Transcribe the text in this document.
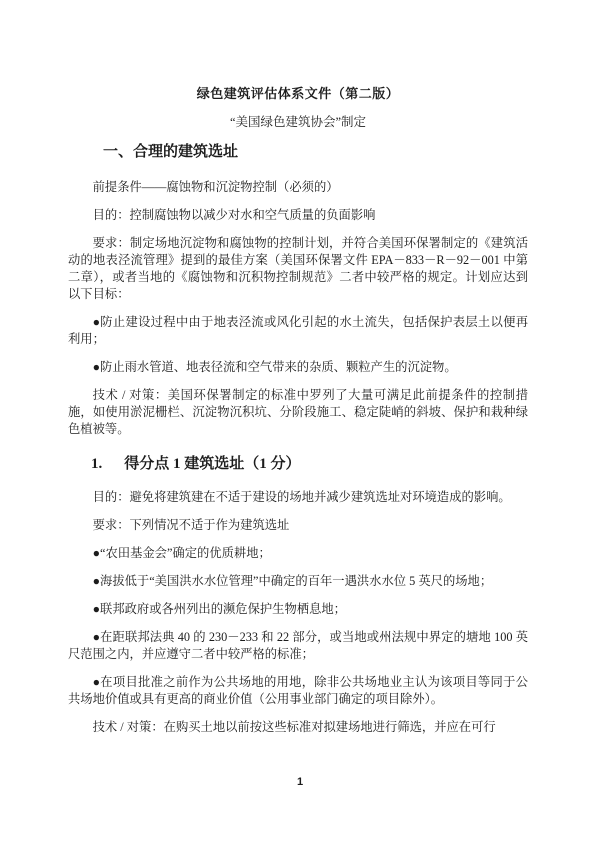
绿色建筑评估体系文件（第二版）
“美国绿色建筑协会”制定
一、合理的建筑选址

前提条件——腐蚀物和沉淀物控制（必须的）

目的：控制腐蚀物以减少对水和空气质量的负面影响

要求：制定场地沉淀物和腐蚀物的控制计划，并符合美国环保署制定的《建筑活动的地表泾流管理》提到的最佳方案（美国环保署文件 EPA－833－R－92－001 中第二章），或者当地的《腐蚀物和沉积物控制规范》二者中较严格的规定。计划应达到以下目标：

●防止建设过程中由于地表泾流或风化引起的水土流失，包括保护表层土以便再利用；

●防止雨水管道、地表径流和空气带来的杂质、颗粒产生的沉淀物。

技术 / 对策：美国环保署制定的标准中罗列了大量可满足此前提条件的控制措施，如使用淤泥栅栏、沉淀物沉积坑、分阶段施工、稳定陡峭的斜坡、保护和栽种绿色植被等。

1. 得分点 1 建筑选址（1 分）

目的：避免将建筑建在不适于建设的场地并减少建筑选址对环境造成的影响。

要求：下列情况不适于作为建筑选址

●“农田基金会”确定的优质耕地；

●海拔低于“美国洪水水位管理”中确定的百年一遇洪水水位 5 英尺的场地；

●联邦政府或各州列出的濒危保护生物栖息地；

●在距联邦法典 40 的 230－233 和 22 部分，或当地或州法规中界定的塘地 100 英尺范围之内，并应遵守二者中较严格的标准；

●在项目批准之前作为公共场地的用地，除非公共场地业主认为该项目等同于公共场地价值或具有更高的商业价值（公用事业部门确定的项目除外）。

技术 / 对策：在购买土地以前按这些标准对拟建场地进行筛选，并应在可行

1
